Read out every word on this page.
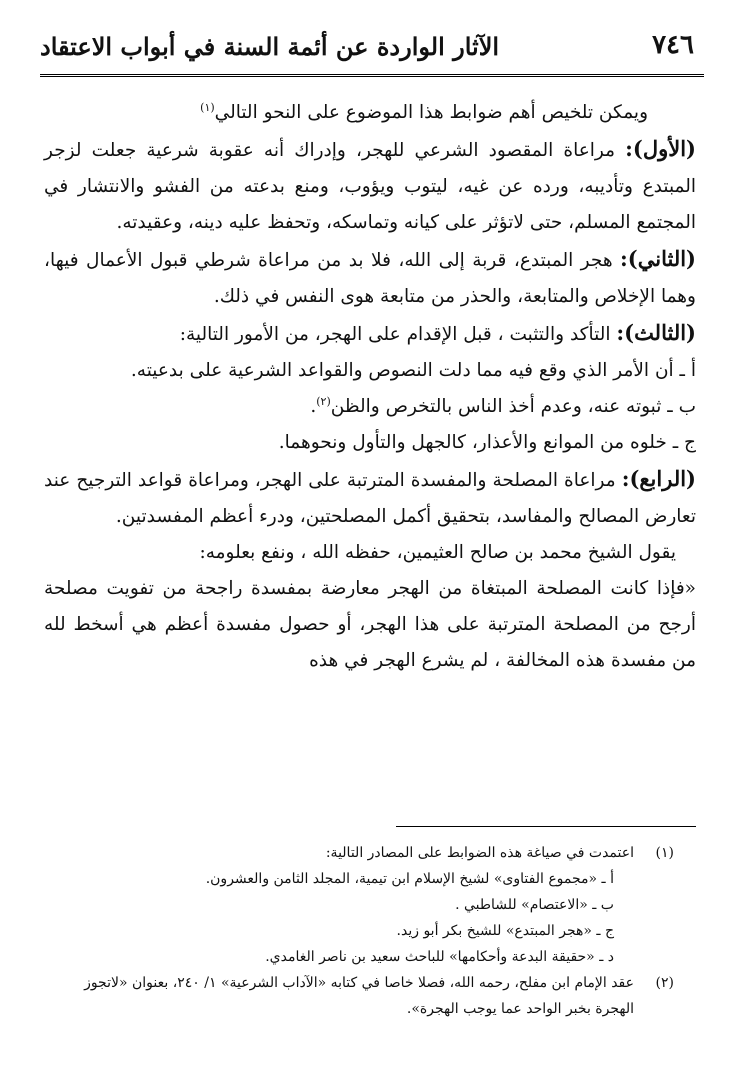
٧٤٦
الآثار الواردة عن أئمة السنة في أبواب الاعتقاد

ويمكن تلخيص أهم ضوابط هذا الموضوع على النحو التالي$^{(١)}$

(الأول): مراعاة المقصود الشرعي للهجر، وإدراك أنه عقوبة شرعية جعلت لزجر المبتدع وتأديبه، ورده عن غيه، ليتوب ويؤوب، ومنع بدعته من الفشو والانتشار في المجتمع المسلم، حتى لاتؤثر على كيانه وتماسكه، وتحفظ عليه دينه، وعقيدته.

(الثاني): هجر المبتدع، قربة إلى الله، فلا بد من مراعاة شرطي قبول الأعمال فيها، وهما الإخلاص والمتابعة، والحذر من متابعة هوى النفس في ذلك.

(الثالث): التأكد والتثبت ، قبل الإقدام على الهجر، من الأمور التالية:

أ ـ أن الأمر الذي وقع فيه مما دلت النصوص والقواعد الشرعية على بدعيته.

ب ـ ثبوته عنه، وعدم أخذ الناس بالتخرص والظن$^{(٢)}$.

ج ـ خلوه من الموانع والأعذار، كالجهل والتأول ونحوهما.

(الرابع): مراعاة المصلحة والمفسدة المترتبة على الهجر، ومراعاة قواعد الترجيح عند تعارض المصالح والمفاسد، بتحقيق أكمل المصلحتين، ودرء أعظم المفسدتين.

يقول الشيخ محمد بن صالح العثيمين، حفظه الله ، ونفع بعلومه:

«فإذا كانت المصلحة المبتغاة من الهجر معارضة بمفسدة راجحة من تفويت مصلحة أرجح من المصلحة المترتبة على هذا الهجر، أو حصول مفسدة أعظم هي أسخط لله من مفسدة هذه المخالفة ، لم يشرع الهجر في هذه

(١)
اعتمدت في صياغة هذه الضوابط على المصادر التالية:
أ ـ «مجموع الفتاوى» لشيخ الإسلام ابن تيمية، المجلد الثامن والعشرون.
ب ـ «الاعتصام» للشاطبي .
ج ـ «هجر المبتدع» للشيخ بكر أبو زيد.
د ـ «حقيقة البدعة وأحكامها» للباحث سعيد بن ناصر الغامدي.
(٢)
عقد الإمام ابن مفلح، رحمه الله، فصلا خاصا في كتابه «الآداب الشرعية» ١/ ٢٤٠، بعنوان «لاتجوز الهجرة بخبر الواحد عما يوجب الهجرة».
